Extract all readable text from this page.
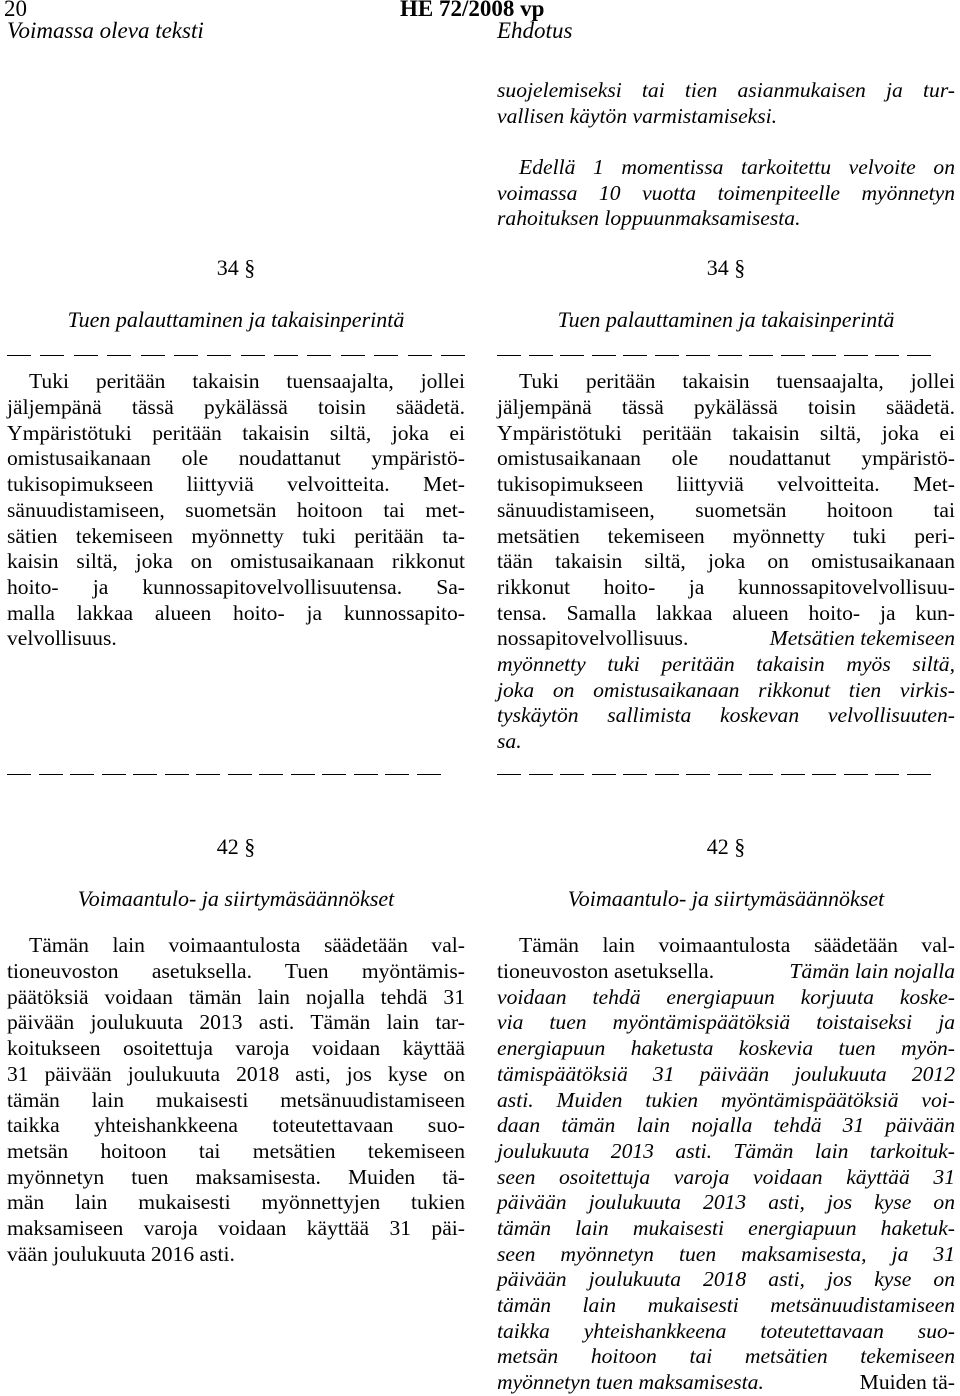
20	HE 72/2008 vp
Voimassa oleva teksti	Ehdotus
suojelemiseksi tai tien asianmukaisen ja tur-
vallisen käytön varmistamiseksi.
Edellä 1 momentissa tarkoitettu velvoite on
voimassa 10 vuotta toimenpiteelle myönnetyn
rahoituksen loppuunmaksamisesta.
34 §
Tuen palauttaminen ja takaisinperintä
Tuki peritään takaisin tuensaajalta, jollei
jäljempänä tässä pykälässä toisin säädetä.
Ympäristötuki peritään takaisin siltä, joka ei
omistusaikanaan ole noudattanut ympäristö-
tukisopimukseen liittyviä velvoitteita. Met-
sänuudistamiseen, suometsän hoitoon tai met-
sätien tekemiseen myönnetty tuki peritään ta-
kaisin siltä, joka on omistusaikanaan rikkonut
hoito- ja kunnossapitovelvollisuutensa. Sa-
malla lakkaa alueen hoito- ja kunnossapito-
velvollisuus.
34 §
Tuen palauttaminen ja takaisinperintä
Tuki peritään takaisin tuensaajalta, jollei
jäljempänä tässä pykälässä toisin säädetä.
Ympäristötuki peritään takaisin siltä, joka ei
omistusaikanaan ole noudattanut ympäristö-
tukisopimukseen liittyviä velvoitteita. Met-
sänuudistamiseen, suometsän hoitoon tai
metsätien tekemiseen myönnetty tuki peri-
tään takaisin siltä, joka on omistusaikanaan
rikkonut hoito- ja kunnossapitovelvollisuu-
tensa. Samalla lakkaa alueen hoito- ja kun-
nossapitovelvollisuus.	Metsätien tekemiseen
myönnetty tuki peritään takaisin myös siltä,
joka on omistusaikanaan rikkonut tien virkis-
tyskäytön sallimista koskevan velvollisuuten-
sa.
42 §
Voimaantulo- ja siirtymäsäännökset
Tämän lain voimaantulosta säädetään val-
tioneuvoston asetuksella. Tuen myöntämis-
päätöksiä voidaan tämän lain nojalla tehdä 31
päivään joulukuuta 2013 asti. Tämän lain tar-
koitukseen osoitettuja varoja voidaan käyttää
31 päivään joulukuuta 2018 asti, jos kyse on
tämän lain mukaisesti metsänuudistamiseen
taikka yhteishankkeena toteutettavaan suo-
metsän hoitoon tai metsätien tekemiseen
myönnetyn tuen maksamisesta. Muiden tä-
män lain mukaisesti myönnettyjen tukien
maksamiseen varoja voidaan käyttää 31 päi-
vään joulukuuta 2016 asti.
42 §
Voimaantulo- ja siirtymäsäännökset
Tämän lain voimaantulosta säädetään val-
tioneuvoston asetuksella.	Tämän lain nojalla
voidaan tehdä energiapuun korjuuta koske-
via tuen myöntämispäätöksiä toistaiseksi ja
energiapuun haketusta koskevia tuen myön-
tämispäätöksiä 31 päivään joulukuuta 2012
asti. Muiden tukien myöntämispäätöksiä voi-
daan tämän lain nojalla tehdä 31 päivään
joulukuuta 2013 asti. Tämän lain tarkoituk-
seen osoitettuja varoja voidaan käyttää 31
päivään joulukuuta 2013 asti, jos kyse on
tämän lain mukaisesti energiapuun haketuk-
seen myönnetyn tuen maksamisesta, ja 31
päivään joulukuuta 2018 asti, jos kyse on
tämän lain mukaisesti metsänuudistamiseen
taikka yhteishankkeena toteutettavaan suo-
metsän hoitoon tai metsätien tekemiseen
myönnetyn tuen maksamisesta.	Muiden tä-
